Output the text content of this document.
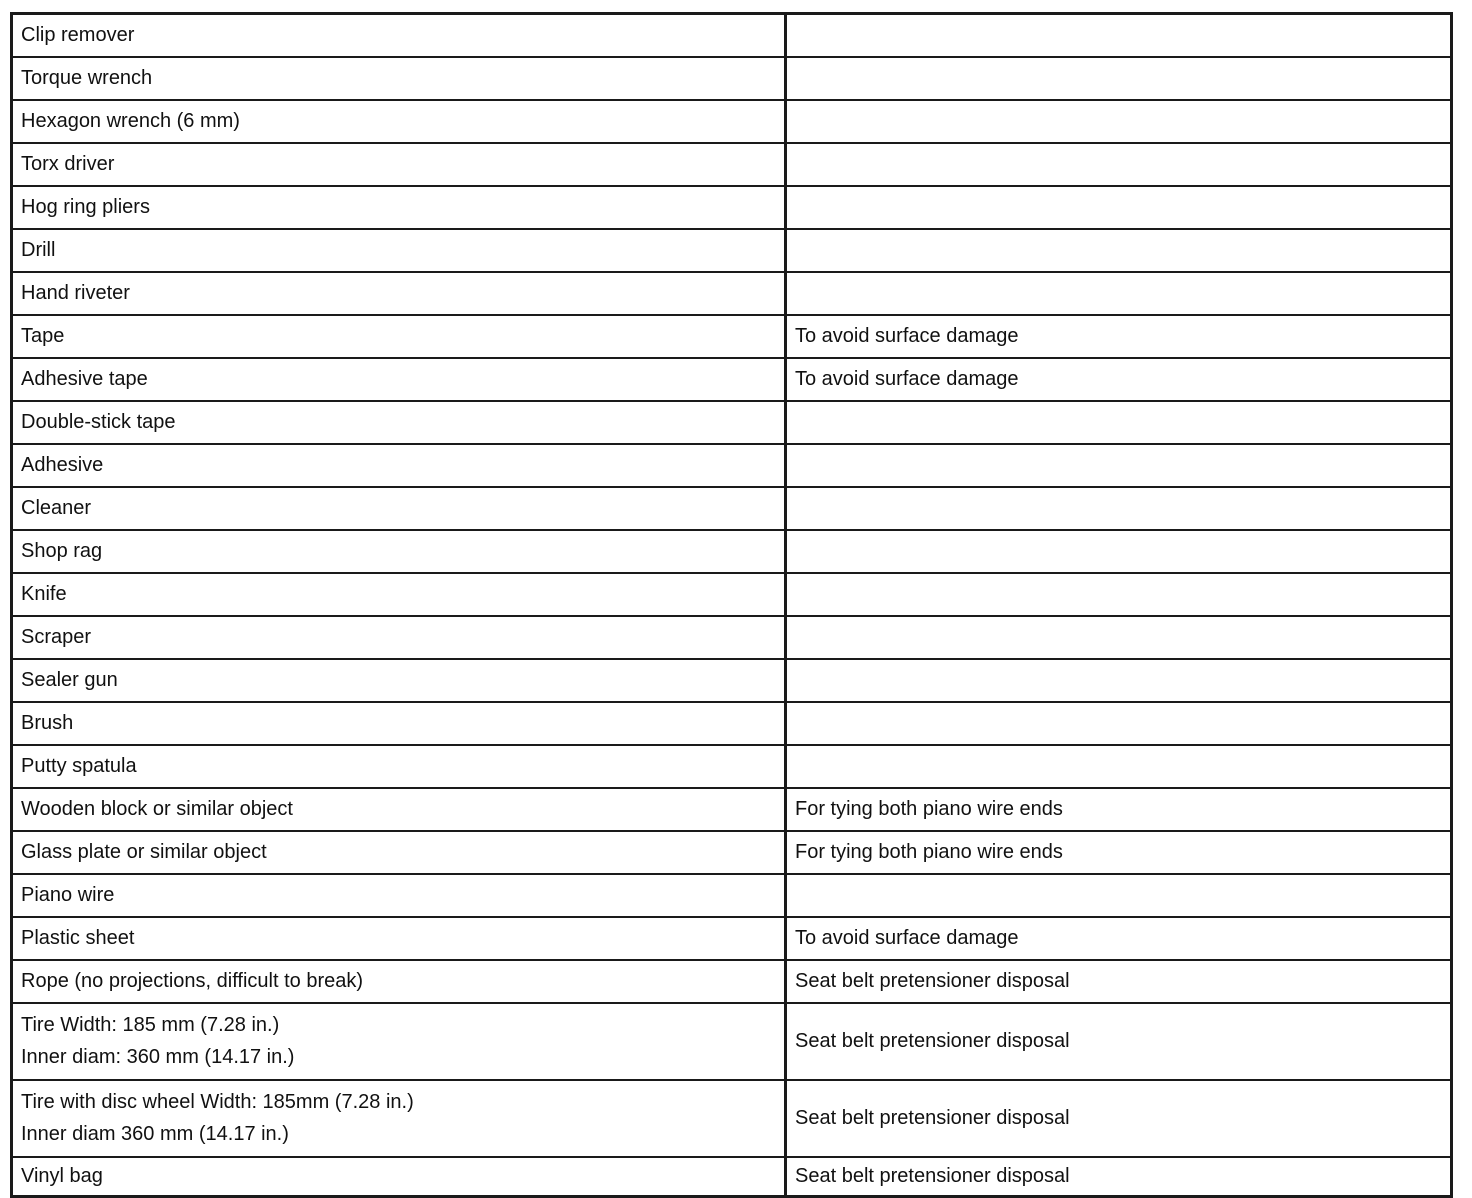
Clip remover	

Torque wrench	

Hexagon wrench (6 mm)	

Torx driver	

Hog ring pliers	

Drill	

Hand riveter	

Tape	To avoid surface damage

Adhesive tape	To avoid surface damage

Double-stick tape	

Adhesive	

Cleaner	

Shop rag	

Knife	

Scraper	

Sealer gun	

Brush	

Putty spatula	

Wooden block or similar object	For tying both piano wire ends

Glass plate or similar object	For tying both piano wire ends

Piano wire	

Plastic sheet	To avoid surface damage

Rope (no projections, difficult to break)	Seat belt pretensioner disposal

Tire Width: 185 mm (7.28 in.)
Inner diam: 360 mm (14.17 in.)	Seat belt pretensioner disposal

Tire with disc wheel Width: 185mm (7.28 in.)
Inner diam 360 mm (14.17 in.)	Seat belt pretensioner disposal

Vinyl bag	Seat belt pretensioner disposal
